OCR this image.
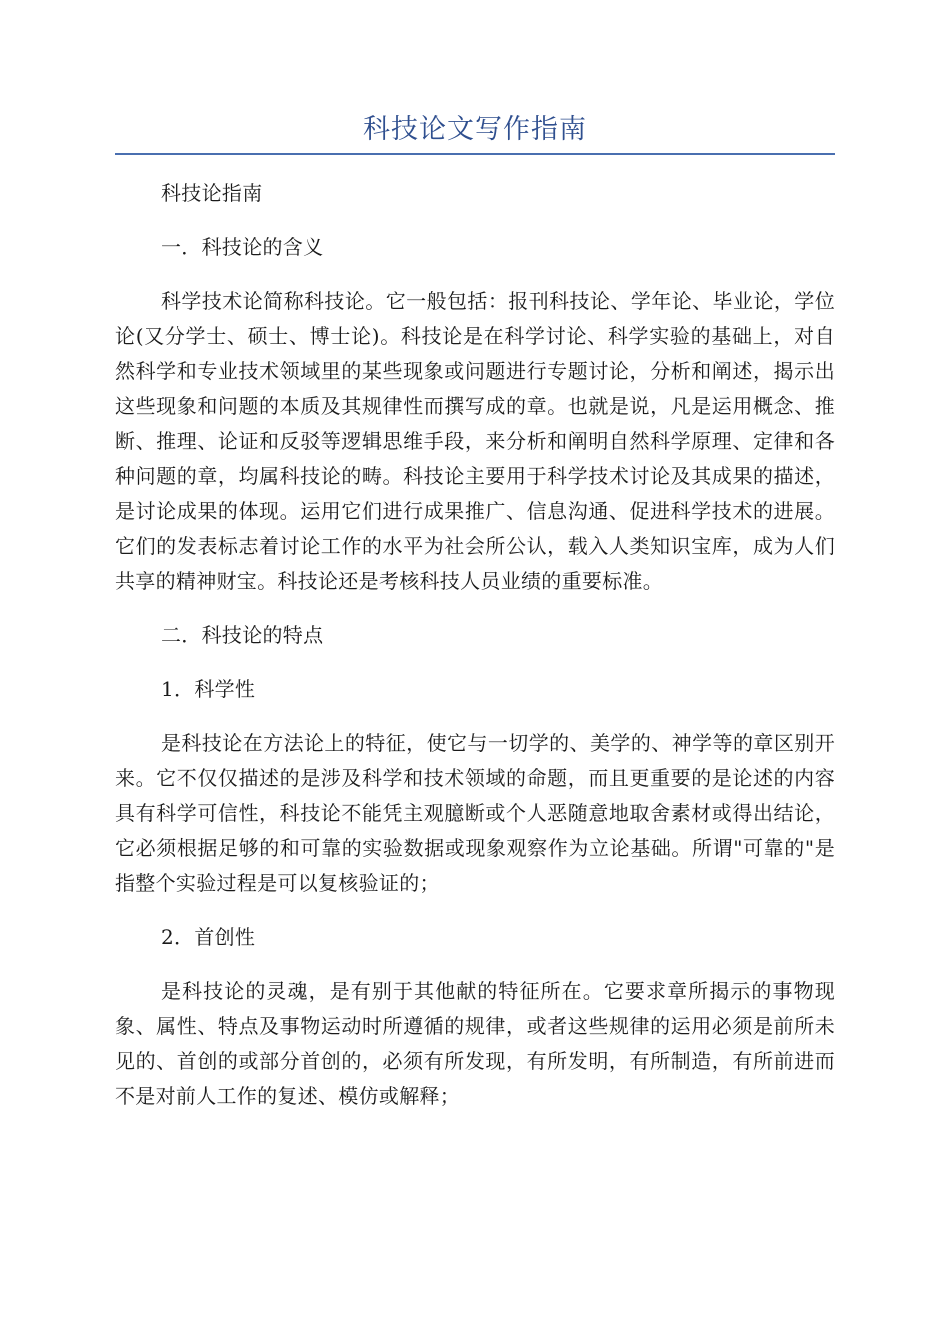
科技论文写作指南

科技论指南

一．科技论的含义

科学技术论简称科技论。它一般包括：报刊科技论、学年论、毕业论，学位论(又分学士、硕士、博士论)。科技论是在科学讨论、科学实验的基础上，对自然科学和专业技术领域里的某些现象或问题进行专题讨论，分析和阐述，揭示出这些现象和问题的本质及其规律性而撰写成的章。也就是说，凡是运用概念、推断、推理、论证和反驳等逻辑思维手段，来分析和阐明自然科学原理、定律和各种问题的章，均属科技论的畴。科技论主要用于科学技术讨论及其成果的描述，是讨论成果的体现。运用它们进行成果推广、信息沟通、促进科学技术的进展。它们的发表标志着讨论工作的水平为社会所公认，载入人类知识宝库，成为人们共享的精神财宝。科技论还是考核科技人员业绩的重要标准。

二．科技论的特点

1．科学性

是科技论在方法论上的特征，使它与一切学的、美学的、神学等的章区别开来。它不仅仅描述的是涉及科学和技术领域的命题，而且更重要的是论述的内容具有科学可信性，科技论不能凭主观臆断或个人恶随意地取舍素材或得出结论，它必须根据足够的和可靠的实验数据或现象观察作为立论基础。所谓"可靠的"是指整个实验过程是可以复核验证的；

2．首创性

是科技论的灵魂，是有别于其他献的特征所在。它要求章所揭示的事物现象、属性、特点及事物运动时所遵循的规律，或者这些规律的运用必须是前所未见的、首创的或部分首创的，必须有所发现，有所发明，有所制造，有所前进而不是对前人工作的复述、模仿或解释；
